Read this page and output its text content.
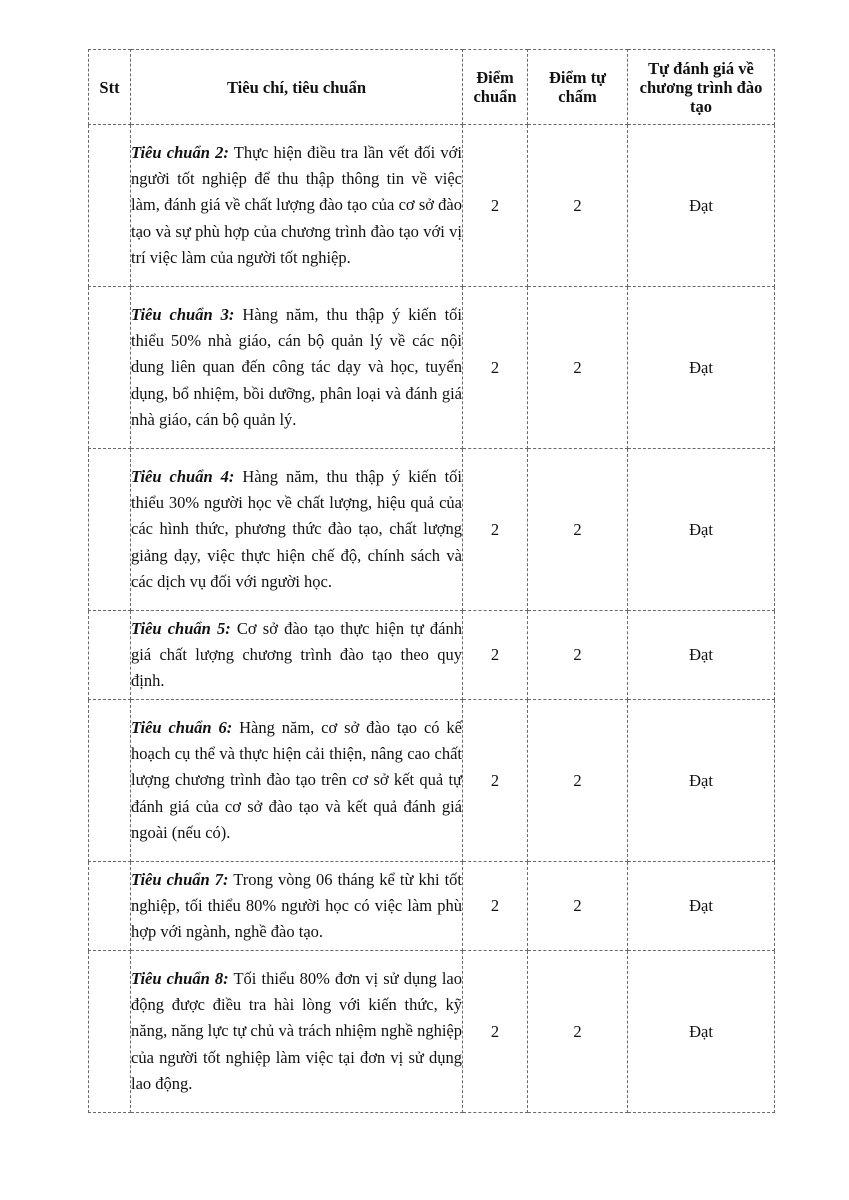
Stt	Tiêu chí, tiêu chuẩn	Điểm chuẩn	Điểm tự chấm	Tự đánh giá về chương trình đào tạo
	Tiêu chuẩn 2: Thực hiện điều tra lần vết đối với người tốt nghiệp để thu thập thông tin về việc làm, đánh giá về chất lượng đào tạo của cơ sở đào tạo và sự phù hợp của chương trình đào tạo với vị trí việc làm của người tốt nghiệp.	2	2	Đạt
	Tiêu chuẩn 3: Hàng năm, thu thập ý kiến tối thiểu 50% nhà giáo, cán bộ quản lý về các nội dung liên quan đến công tác dạy và học, tuyển dụng, bổ nhiệm, bồi dưỡng, phân loại và đánh giá nhà giáo, cán bộ quản lý.	2	2	Đạt
	Tiêu chuẩn 4: Hàng năm, thu thập ý kiến tối thiểu 30% người học về chất lượng, hiệu quả của các hình thức, phương thức đào tạo, chất lượng giảng dạy, việc thực hiện chế độ, chính sách và các dịch vụ đối với người học.	2	2	Đạt
	Tiêu chuẩn 5: Cơ sở đào tạo thực hiện tự đánh giá chất lượng chương trình đào tạo theo quy định.	2	2	Đạt
	Tiêu chuẩn 6: Hàng năm, cơ sở đào tạo có kế hoạch cụ thể và thực hiện cải thiện, nâng cao chất lượng chương trình đào tạo trên cơ sở kết quả tự đánh giá của cơ sở đào tạo và kết quả đánh giá ngoài (nếu có).	2	2	Đạt
	Tiêu chuẩn 7: Trong vòng 06 tháng kể từ khi tốt nghiệp, tối thiểu 80% người học có việc làm phù hợp với ngành, nghề đào tạo.	2	2	Đạt
	Tiêu chuẩn 8: Tối thiểu 80% đơn vị sử dụng lao động được điều tra hài lòng với kiến thức, kỹ năng, năng lực tự chủ và trách nhiệm nghề nghiệp của người tốt nghiệp làm việc tại đơn vị sử dụng lao động.	2	2	Đạt
